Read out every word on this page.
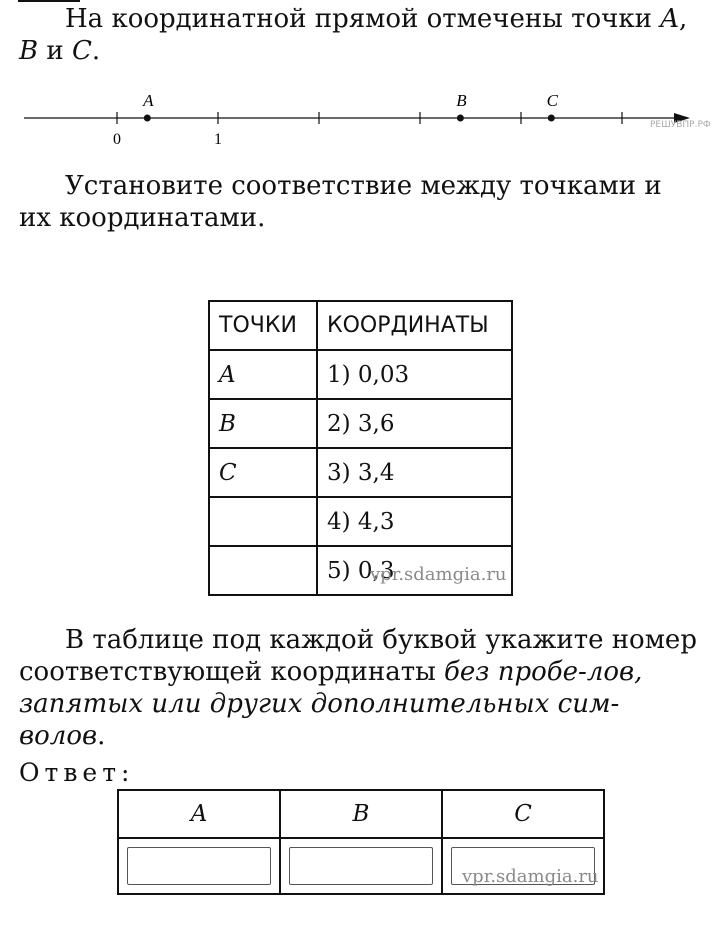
На координатной прямой отмечены точки A, B и C.

0	1
A	B	C
РЕШУВПР.РФ

Установите соответствие между точками и их координатами.

ТОЧКИ	КООРДИНАТЫ
A	1) 0,03
B	2) 3,6
C	3) 3,4
	4) 4,3
	5) 0,3
vpr.sdamgia.ru

В таблице под каждой буквой укажите номер соответствующей координаты без пробе-лов, запятых или других дополнительных сим-волов.

Ответ:
A	B	C

vpr.sdamgia.ru
